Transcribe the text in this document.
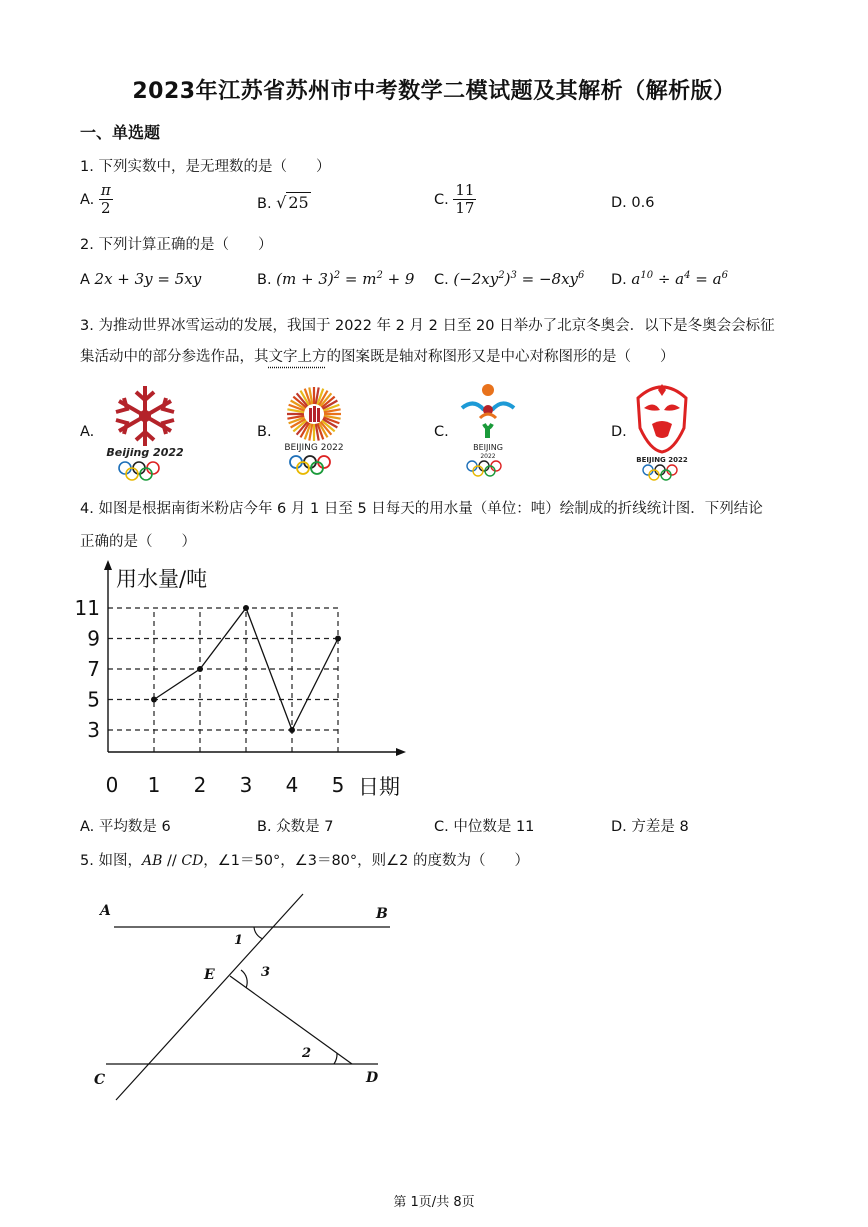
2023年江苏省苏州市中考数学二模试题及其解析（解析版）
一、单选题
1. 下列实数中，是无理数的是（　　）
A. $\frac{\pi}{2}$	B. √ 25	C. $\frac{11}{17}$	D. 0.6
2. 下列计算正确的是（　　）
A 2x + 3y = 5xy	B. $(m + 3)^2 = m^2 + 9$ C. $(-2xy^2)^3 = -8xy^6$ D. $a^{10} \div a^4 = a^6$
3. 为推动世界冰雪运动的发展，我国于 2022 年 2 月 2 日至 20 日举办了北京冬奥会．以下是冬奥会会标征
集活动中的部分参选作品，其文字上方的图案既是轴对称图形又是中心对称图形的是（　　）
A.
Beijing 2022
B.
BEIJING 2022
C.
BEIJING
2022
D.
BEIJING 2022
4. 如图是根据南街米粉店今年 6 月 1 日至 5 日每天的用水量（单位：吨）绘制成的折线统计图．下列结论
正确的是（　　）
用水量/吨
日期
3
5
7
9
11
0 1 2 3 4 5
A. 平均数是 6	B. 众数是 7	C. 中位数是 11	D. 方差是 8
5. 如图，AB // CD，∠1＝50°，∠3＝80°，则∠2 的度数为（　　）
A	B
C	D
E
1
3
2
第 1页/共 8页
